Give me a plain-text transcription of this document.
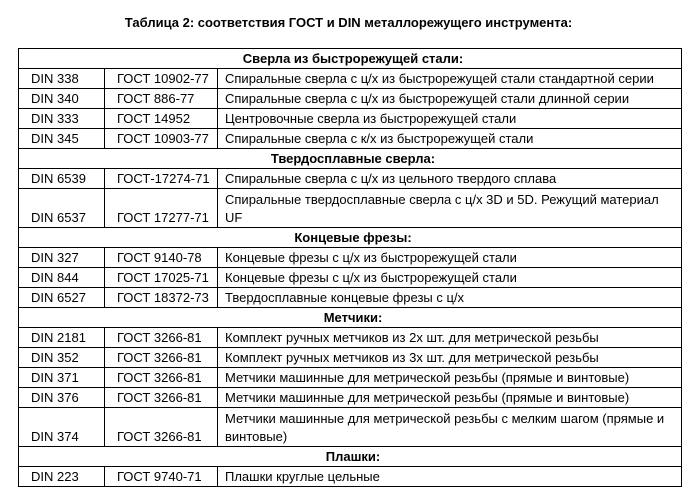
Таблица 2: соответствия ГОСТ и DIN металлорежущего инструмента:
Сверла из быстрорежущей стали:		
DIN 338	ГОСТ 10902-77	Спиральные сверла с ц/х из быстрорежущей стали стандартной серии
DIN 340	ГОСТ 886-77	Спиральные сверла с ц/х из быстрорежущей стали длинной серии
DIN 333	ГОСТ 14952	Центровочные сверла из быстрорежущей стали
DIN 345	ГОСТ 10903-77	Спиральные сверла с к/х из быстрорежущей стали
Твердосплавные сверла:		
DIN 6539	ГОСТ-17274-71	Спиральные сверла с ц/х из цельного твердого сплава
DIN 6537	ГОСТ 17277-71	Спиральные твердосплавные сверла с ц/х 3D и 5D. Режущий материал UF
Концевые фрезы:		
DIN 327	ГОСТ 9140-78	Концевые фрезы с ц/х из быстрорежущей стали
DIN 844	ГОСТ 17025-71	Концевые фрезы с ц/х из быстрорежущей стали
DIN 6527	ГОСТ 18372-73	Твердосплавные концевые фрезы с ц/х
Метчики:		
DIN 2181	ГОСТ 3266-81	Комплект ручных метчиков из 2х шт. для метрической резьбы
DIN 352	ГОСТ 3266-81	Комплект ручных метчиков из 3х шт. для метрической резьбы
DIN 371	ГОСТ 3266-81	Метчики машинные для метрической резьбы (прямые и винтовые)
DIN 376	ГОСТ 3266-81	Метчики машинные для метрической резьбы (прямые и винтовые)
DIN 374	ГОСТ 3266-81	Метчики машинные для метрической резьбы с мелким шагом (прямые и винтовые)
Плашки:		
DIN 223	ГОСТ 9740-71	Плашки круглые цельные
